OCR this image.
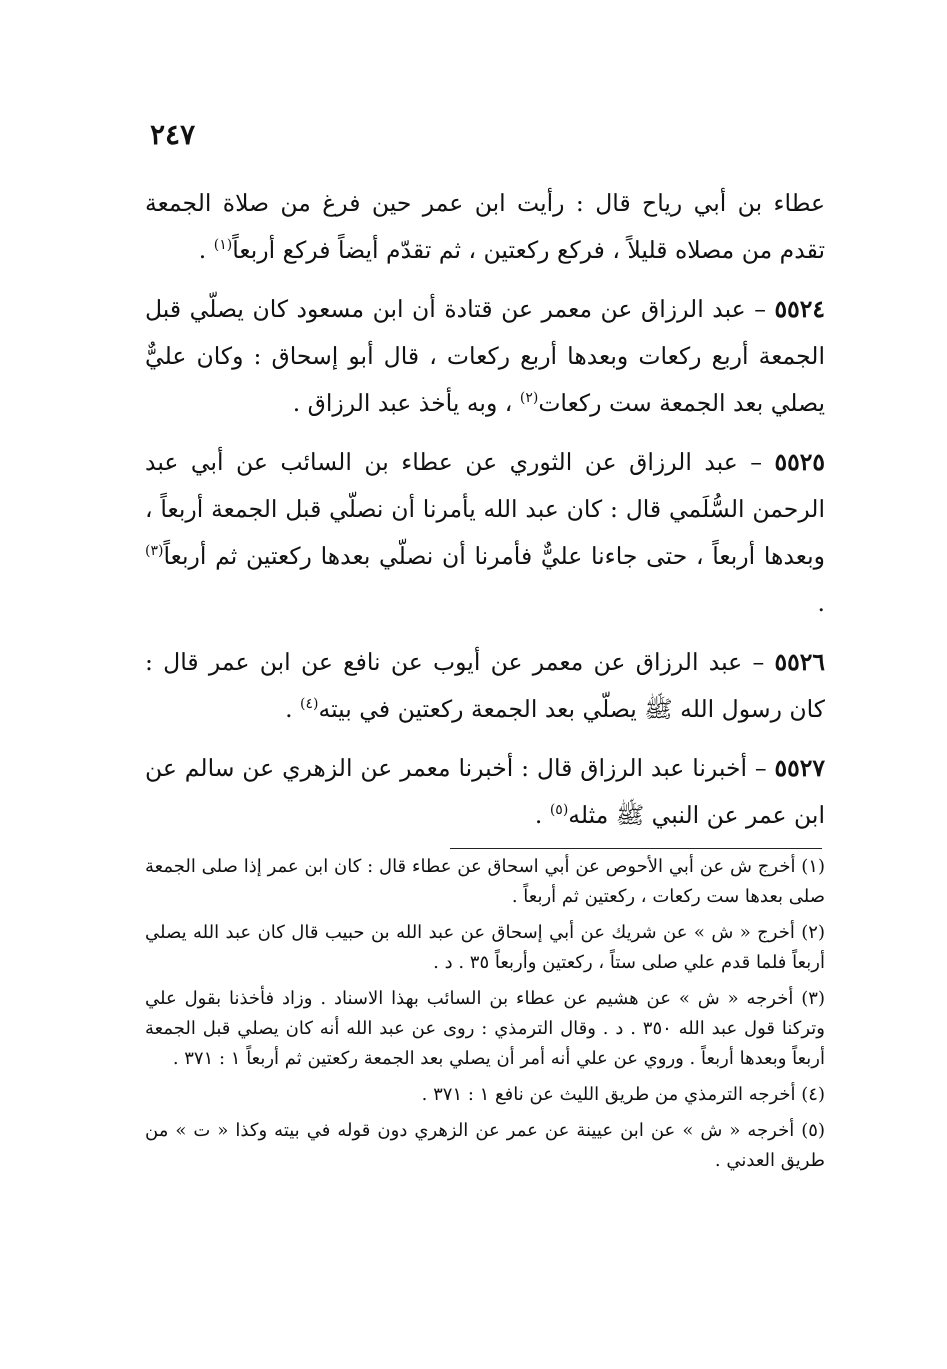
٢٤٧

عطاء بن أبي رياح قال : رأيت ابن عمر حين فرغ من صلاة الجمعة تقدم من مصلاه قليلاً ، فركع ركعتين ، ثم تقدّم أيضاً فركع أربعاً$^{(١)}$ .

٥٥٢٤ – عبد الرزاق عن معمر عن قتادة أن ابن مسعود كان يصلّي قبل الجمعة أربع ركعات وبعدها أربع ركعات ، قال أبو إسحاق : وكان عليٌّ يصلي بعد الجمعة ست ركعات$^{(٢)}$ ، وبه يأخذ عبد الرزاق .

٥٥٢٥ – عبد الرزاق عن الثوري عن عطاء بن السائب عن أبي عبد الرحمن السُّلَمي قال : كان عبد الله يأمرنا أن نصلّي قبل الجمعة أربعاً ، وبعدها أربعاً ، حتى جاءنا عليٌّ فأمرنا أن نصلّي بعدها ركعتين ثم أربعاً$^{(٣)}$ .

٥٥٢٦ – عبد الرزاق عن معمر عن أيوب عن نافع عن ابن عمر قال : كان رسول الله ﷺ يصلّي بعد الجمعة ركعتين في بيته$^{(٤)}$ .

٥٥٢٧ – أخبرنا عبد الرزاق قال : أخبرنا معمر عن الزهري عن سالم عن ابن عمر عن النبي ﷺ مثله$^{(٥)}$ .

(١) أخرج ش عن أبي الأحوص عن أبي اسحاق عن عطاء قال : كان ابن عمر إذا صلى الجمعة صلى بعدها ست ركعات ، ركعتين ثم أربعاً .

(٢) أخرج « ش » عن شريك عن أبي إسحاق عن عبد الله بن حبيب قال كان عبد الله يصلي أربعاً فلما قدم علي صلى ستاً ، ركعتين وأربعاً ٣٥ . د .

(٣) أخرجه « ش » عن هشيم عن عطاء بن السائب بهذا الاسناد . وزاد فأخذنا بقول علي وتركنا قول عبد الله ٣٥٠ . د . وقال الترمذي : روى عن عبد الله أنه كان يصلي قبل الجمعة أربعاً وبعدها أربعاً . وروي عن علي أنه أمر أن يصلي بعد الجمعة ركعتين ثم أربعاً ١ : ٣٧١ .

(٤) أخرجه الترمذي من طريق الليث عن نافع ١ : ٣٧١ .

(٥) أخرجه « ش » عن ابن عيينة عن عمر عن الزهري دون قوله في بيته وكذا « ت » من طريق العدني .
